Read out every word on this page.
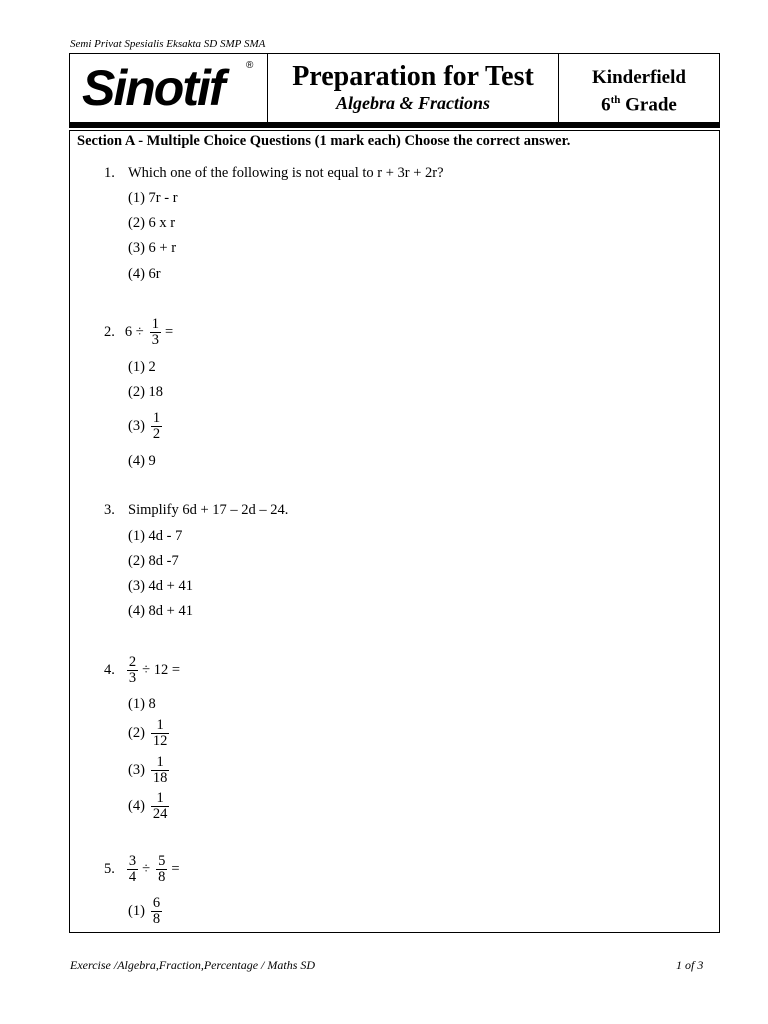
Semi Privat Spesialis Eksakta SD SMP SMA
Sinotif ®	Preparation for Test
Algebra & Fractions
Kinderfield
6th Grade
Section A - Multiple Choice Questions (1 mark each) Choose the correct answer.
1. Which one of the following is not equal to r + 3r + 2r?
(1) 7r - r
(2) 6 x r
(3) 6 + r
(4) 6r
2. $6 \div \frac{1}{3}$ =
(1) 2
(2) 18
$(3) \frac{1}{2}$
(4) 9
3. Simplify 6d + 17 – 2d – 24.
(1) 4d - 7
(2) 8d -7
(3) 4d + 41
(4) 8d + 41
4. $\frac{2}{3} \div 12$ =
(1) 8
$(2) \frac{1}{12}$
$(3) \frac{1}{18}$
$(4) \frac{1}{24}$
5. $\frac{3}{4} \div \frac{5}{8}$ =
$(1) \frac{6}{8}$
Exercise /Algebra,Fraction,Percentage / Maths SD	1 of 3
